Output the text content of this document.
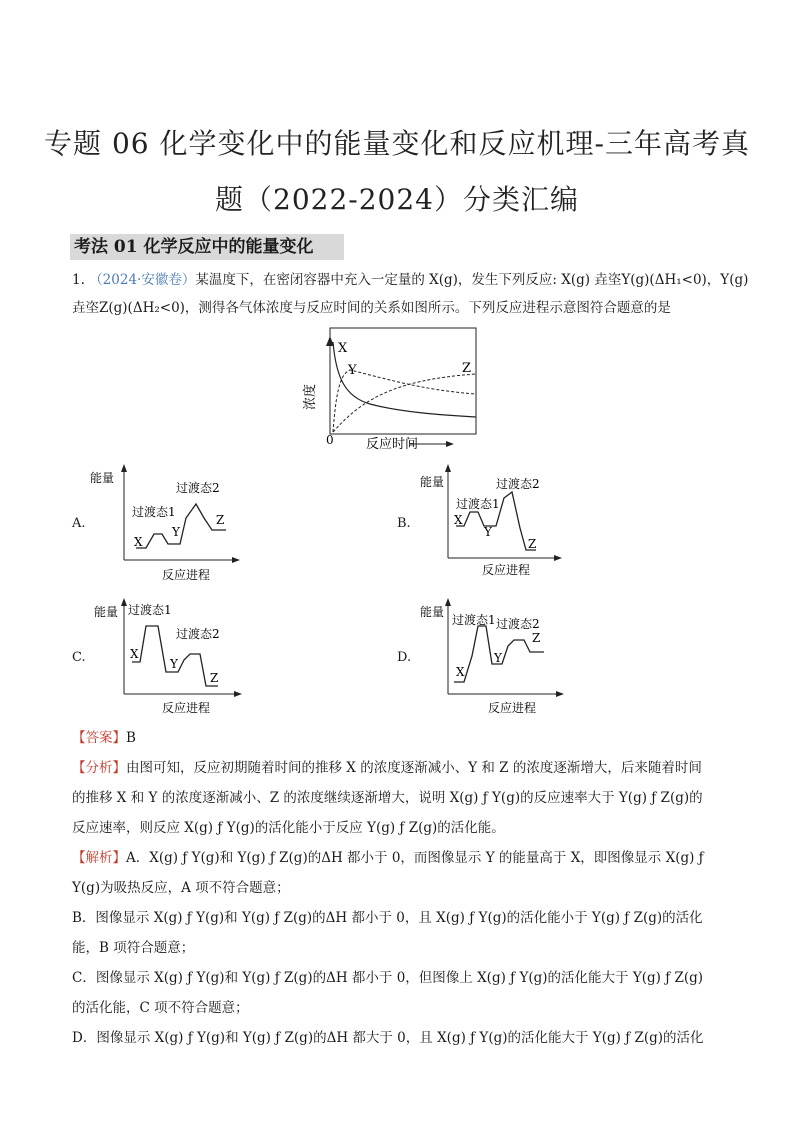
专题 06 化学变化中的能量变化和反应机理-三年高考真
题（2022-2024）分类汇编
考法 01 化学反应中的能量变化
1. （2024·安徽卷）某温度下，在密闭容器中充入一定量的 X(g)，发生下列反应: X(g) 垚垐Y(g)(ΔH₁<0)，Y(g)
垚垐Z(g)(ΔH₂<0)，测得各气体浓度与反应时间的关系如图所示。下列反应进程示意图符合题意的是
X
Y	Z
0
浓度
反应时间
A.
能量
反应进程
过渡态1
过渡态2
X
Y
Z	B.
能量
反应进程
过渡态1
过渡态2
X
Y
Z
C.
能量
反应进程
过渡态1
过渡态2
X
Y
Z
D.
能量
反应进程
过渡态1 过渡态2
X
Y
Z
【答案】B
【分析】由图可知，反应初期随着时间的推移 X 的浓度逐渐减小、Y 和 Z 的浓度逐渐增大，后来随着时间
的推移 X 和 Y 的浓度逐渐减小、Z 的浓度继续逐渐增大，说明 X(g) ƒ Y(g)的反应速率大于 Y(g) ƒ Z(g)的
反应速率，则反应 X(g) ƒ Y(g)的活化能小于反应 Y(g) ƒ Z(g)的活化能。
【解析】A．X(g) ƒ Y(g)和 Y(g) ƒ Z(g)的ΔH 都小于 0，而图像显示 Y 的能量高于 X，即图像显示 X(g) ƒ
Y(g)为吸热反应，A 项不符合题意；
B．图像显示 X(g) ƒ Y(g)和 Y(g) ƒ Z(g)的ΔH 都小于 0，且 X(g) ƒ Y(g)的活化能小于 Y(g) ƒ Z(g)的活化
能，B 项符合题意；
C．图像显示 X(g) ƒ Y(g)和 Y(g) ƒ Z(g)的ΔH 都小于 0，但图像上 X(g) ƒ Y(g)的活化能大于 Y(g) ƒ Z(g)
的活化能，C 项不符合题意；
D．图像显示 X(g) ƒ Y(g)和 Y(g) ƒ Z(g)的ΔH 都大于 0，且 X(g) ƒ Y(g)的活化能大于 Y(g) ƒ Z(g)的活化
